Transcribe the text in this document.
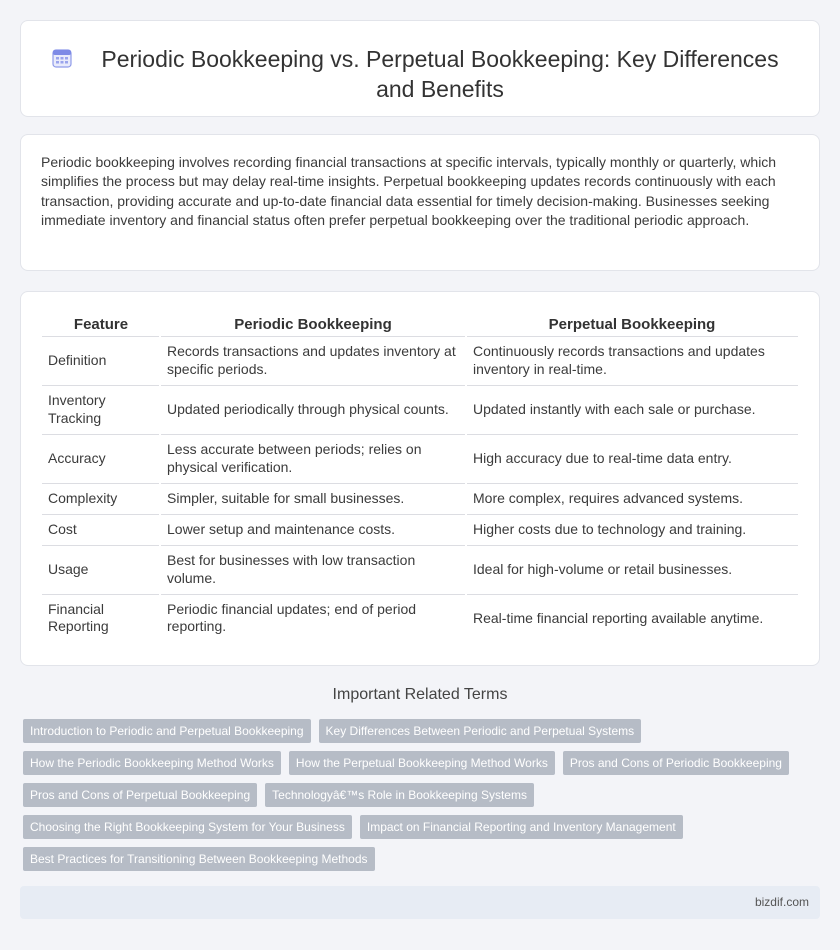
Periodic Bookkeeping vs. Perpetual Bookkeeping: Key Differences and Benefits

Periodic bookkeeping involves recording financial transactions at specific intervals, typically monthly or quarterly, which simplifies the process but may delay real-time insights. Perpetual bookkeeping updates records continuously with each transaction, providing accurate and up-to-date financial data essential for timely decision-making. Businesses seeking immediate inventory and financial status often prefer perpetual bookkeeping over the traditional periodic approach.

Feature	Periodic Bookkeeping	Perpetual Bookkeeping
Definition	Records transactions and updates inventory at specific periods.	Continuously records transactions and updates inventory in real-time.
Inventory Tracking	Updated periodically through physical counts.	Updated instantly with each sale or purchase.
Accuracy	Less accurate between periods; relies on physical verification.	High accuracy due to real-time data entry.
Complexity	Simpler, suitable for small businesses.	More complex, requires advanced systems.
Cost	Lower setup and maintenance costs.	Higher costs due to technology and training.
Usage	Best for businesses with low transaction volume.	Ideal for high-volume or retail businesses.
Financial Reporting	Periodic financial updates; end of period reporting.	Real-time financial reporting available anytime.
Important Related Terms
Introduction to Periodic and Perpetual Bookkeeping	Key Differences Between Periodic and Perpetual Systems
How the Periodic Bookkeeping Method Works	How the Perpetual Bookkeeping Method Works	Pros and Cons of Periodic Bookkeeping
Pros and Cons of Perpetual Bookkeeping	Technologyâ€™s Role in Bookkeeping Systems
Choosing the Right Bookkeeping System for Your Business	Impact on Financial Reporting and Inventory Management
Best Practices for Transitioning Between Bookkeeping Methods
bizdif.com
